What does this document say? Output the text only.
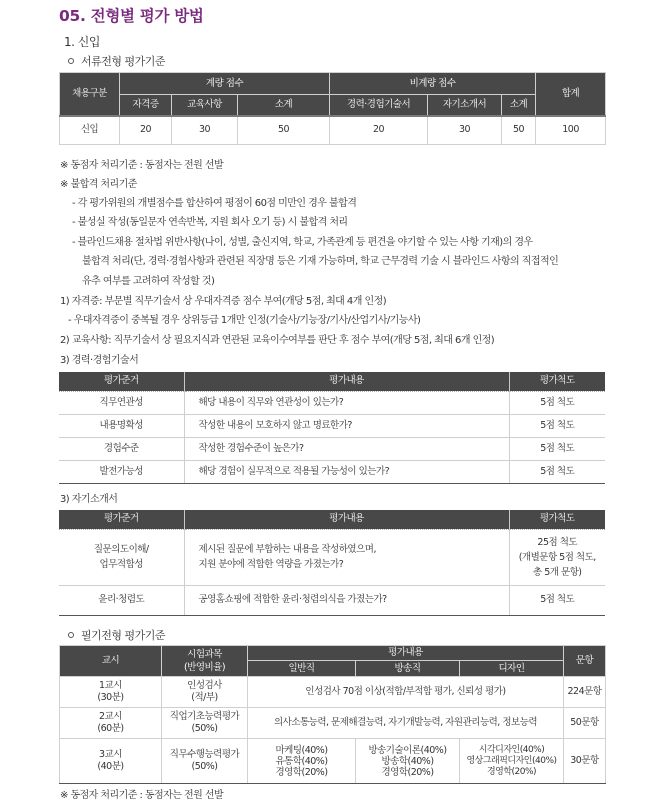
05. 전형별 평가 방법
1. 신입
서류전형 평가기준
채용구분	계량 점수			비계량 점수			합계
	자격증	교육사항	소계	경력·경험기술서	자기소개서	소계	
신입	20	30	50	20	30	50	100
※ 동점자 처리기준 : 동점자는 전원 선발
※ 불합격 처리기준
- 각 평가위원의 개별점수를 합산하여 평점이 60점 미만인 경우 불합격
- 불성실 작성(동일문자 연속반복, 지원 회사 오기 등) 시 불합격 처리
- 블라인드채용 절차법 위반사항(나이, 성별, 출신지역, 학교, 가족관계 등 편견을 야기할 수 있는 사항 기재)의 경우
불합격 처리(단, 경력·경험사항과 관련된 직장명 등은 기재 가능하며, 학교 근무경력 기술 시 블라인드 사항의 직접적인
유추 여부를 고려하여 작성할 것)
1) 자격증: 부문별 직무기술서 상 우대자격증 점수 부여(개당 5점, 최대 4개 인정)
- 우대자격증이 중복될 경우 상위등급 1개만 인정(기술사/기능장/기사/산업기사/기능사)
2) 교육사항: 직무기술서 상 필요지식과 연관된 교육이수여부를 판단 후 점수 부여(개당 5점, 최대 6개 인정)
3) 경력·경험기술서
평가준거	평가내용	평가척도
직무연관성	해당 내용이 직무와 연관성이 있는가?	5점 척도
내용명확성	작성한 내용이 모호하지 않고 명료한가?	5점 척도
경험수준	작성한 경험수준이 높은가?	5점 척도
발전가능성	해당 경험이 실무적으로 적용될 가능성이 있는가?	5점 척도
3) 자기소개서
평가준거	평가내용	평가척도
질문의도이해/
업무적합성	제시된 질문에 부합하는 내용을 작성하였으며,
지원 분야에 적합한 역량을 가졌는가?	25점 척도
(개별문항 5점 척도,
총 5개 문항)
윤리·청렴도	공영홈쇼핑에 적합한 윤리·청렴의식을 가졌는가?	5점 척도
필기전형 평가기준
교시	시험과목
(반영비율)	평가내용			문항
		일반직	방송직	디자인	
1교시
(30분)	인성검사
(적/부)	인성검사 70점 이상(적합/부적합 평가, 신뢰성 평가)			224문항
2교시
(60분)	직업기초능력평가
(50%)	의사소통능력, 문제해결능력, 자기개발능력, 자원관리능력, 정보능력			50문항
3교시
(40분)	직무수행능력평가
(50%)	마케팅(40%)
유통학(40%)
경영학(20%)	방송기술이론(40%)
방송학(40%)
경영학(20%)	시각디자인(40%)
영상그래픽디자인(40%)
경영학(20%)	30문항
※ 동점자 처리기준 : 동점자는 전원 선발
